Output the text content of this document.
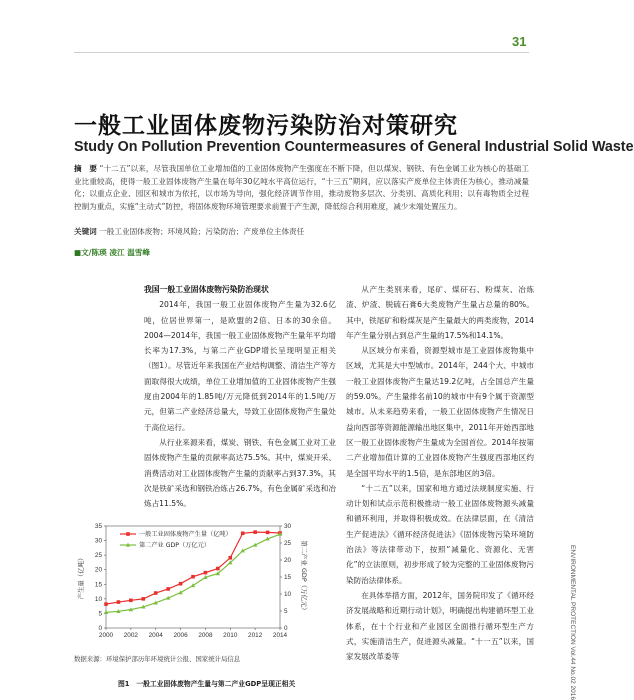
31
一般工业固体废物污染防治对策研究
Study On Pollution Prevention Countermeasures of General Industrial Solid Waste
摘　要 “十二五”以来，尽管我国单位工业增加值的工业固体废物产生强度在不断下降，但以煤炭、钢铁、有色金属工业为核心的基础工业比重较高，使得一般工业固体废物产生量在每年30亿吨水平高位运行，“十三五”期间，应以落实产废单位主体责任为核心，推动减量化；以重点企业、园区和城市为依托，以市场为导向，强化经济调节作用，推动废物多层次、分类别、高质化利用；以有毒物质全过程控制为重点，实施“主动式”防控，将固体废物环境管理要求前置于产生源，降低综合利用难度，减少末端处置压力。
关键词 一般工业固体废物；环境风险；污染防治；产废单位主体责任
■文/陈瑛 凌江 温雪峰
我国一般工业固体废物污染防治现状

2014年，我国一般工业固体废物产生量为32.6亿吨，位居世界第一，是欧盟的2倍、日本的30余倍。2004—2014年，我国一般工业固体废物产生量年平均增长率为17.3%，与第二产业GDP增长呈现明显正相关（图1）。尽管近年来我国在产业结构调整、清洁生产等方面取得很大成绩，单位工业增加值的工业固体废物产生强度由2004年的1.85吨/万元降低到2014年的1.5吨/万元，但第二产业经济总量大，导致工业固体废物产生量处于高位运行。

从行业来源来看，煤炭、钢铁、有色金属工业对工业固体废物产生量的贡献率高达75.5%。其中，煤炭开采、消费活动对工业固体废物产生量的贡献率占到37.3%，其次是铁矿采选和钢铁冶炼占26.7%，有色金属矿采选和冶炼占11.5%。

从产生类别来看，尾矿、煤矸石、粉煤灰、冶炼渣、炉渣、脱硫石膏6大类废物产生量占总量的80%。其中，铁尾矿和粉煤灰是产生量最大的两类废物，2014年产生量分别占到总产生量的17.5%和14.1%。

从区域分布来看，资源型城市是工业固体废物集中区域，尤其是大中型城市。2014年，244个大、中城市一般工业固体废物产生量达19.2亿吨，占全国总产生量的59.0%。产生量排名前10的城市中有9个属于资源型城市。从未来趋势来看，一般工业固体废物产生情况日益向西部等资源能源输出地区集中，2011年开始西部地区一般工业固体废物产生量成为全国首位。2014年按第二产业增加值计算的工业固体废物产生强度西部地区约是全国平均水平的1.5倍，是东部地区的3倍。

“十二五”以来，国家和地方通过法规制度实施、行动计划和试点示范积极推动一般工业固体废物源头减量和循环利用，并取得积极成效。在法律层面，在《清洁生产促进法》《循环经济促进法》《固体废物污染环境防治法》等法律带动下，按照“减量化、资源化、无害化”的立法原则，初步形成了较为完整的工业固体废物污染防治法律体系。

在具体举措方面，2012年，国务院印发了《循环经济发展战略和近期行动计划》，明确提出构建循环型工业体系，在十个行业和产业园区全面推行循环型生产方式，实施清洁生产，促进源头减量。“十一五”以来，国家发展改革委等	ENVIRONMENTAL PROTECTION Vol.44 No.02 2016
0
5
10
15
20
25
30
35
0
5
10
15
20
25
30
2000 2002 2004 2006 2008 2010 2012 2014
产生量（亿吨）	第二产业 GDP（万亿元）
一般工业固体废物产生量（亿吨）
第二产业 GDP（万亿元）
数据来源：环境保护部历年环境统计公报、国家统计局信息
图1　一般工业固体废物产生量与第二产业GDP呈现正相关
